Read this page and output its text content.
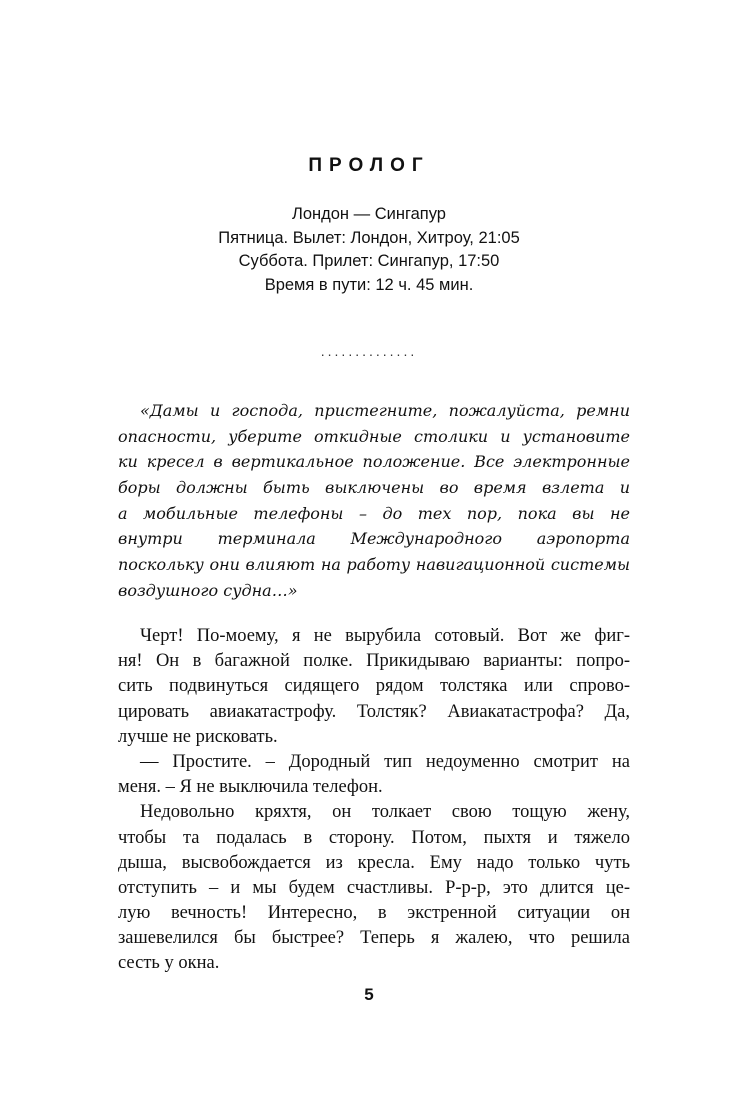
ПРОЛОГ
Лондон — Сингапур
Пятница. Вылет: Лондон, Хитроу, 21:05
Суббота. Прилет: Сингапур, 17:50
Время в пути: 12 ч. 45 мин.
..............
«Дамы и господа, пристегните, пожалуйста, ремни
опасности, уберите откидные столики и установите
ки кресел в вертикальное положение. Все электронные
боры должны быть выключены во время взлета и
а мобильные телефоны – до тех пор, пока вы не
внутри терминала Международного аэропорта
поскольку они влияют на работу навигационной системы
воздушного судна…»
Черт! По-моему, я не вырубила сотовый. Вот же фиг-
ня! Он в багажной полке. Прикидываю варианты: попро-
сить подвинуться сидящего рядом толстяка или спрово-
цировать авиакатастрофу. Толстяк? Авиакатастрофа? Да,
лучше не рисковать.
— Простите. – Дородный тип недоуменно смотрит на
меня. – Я не выключила телефон.
Недовольно кряхтя, он толкает свою тощую жену,
чтобы та подалась в сторону. Потом, пыхтя и тяжело
дыша, высвобождается из кресла. Ему надо только чуть
отступить – и мы будем счастливы. Р-р-р, это длится це-
лую вечность! Интересно, в экстренной ситуации он
зашевелился бы быстрее? Теперь я жалею, что решила
сесть у окна.
5
